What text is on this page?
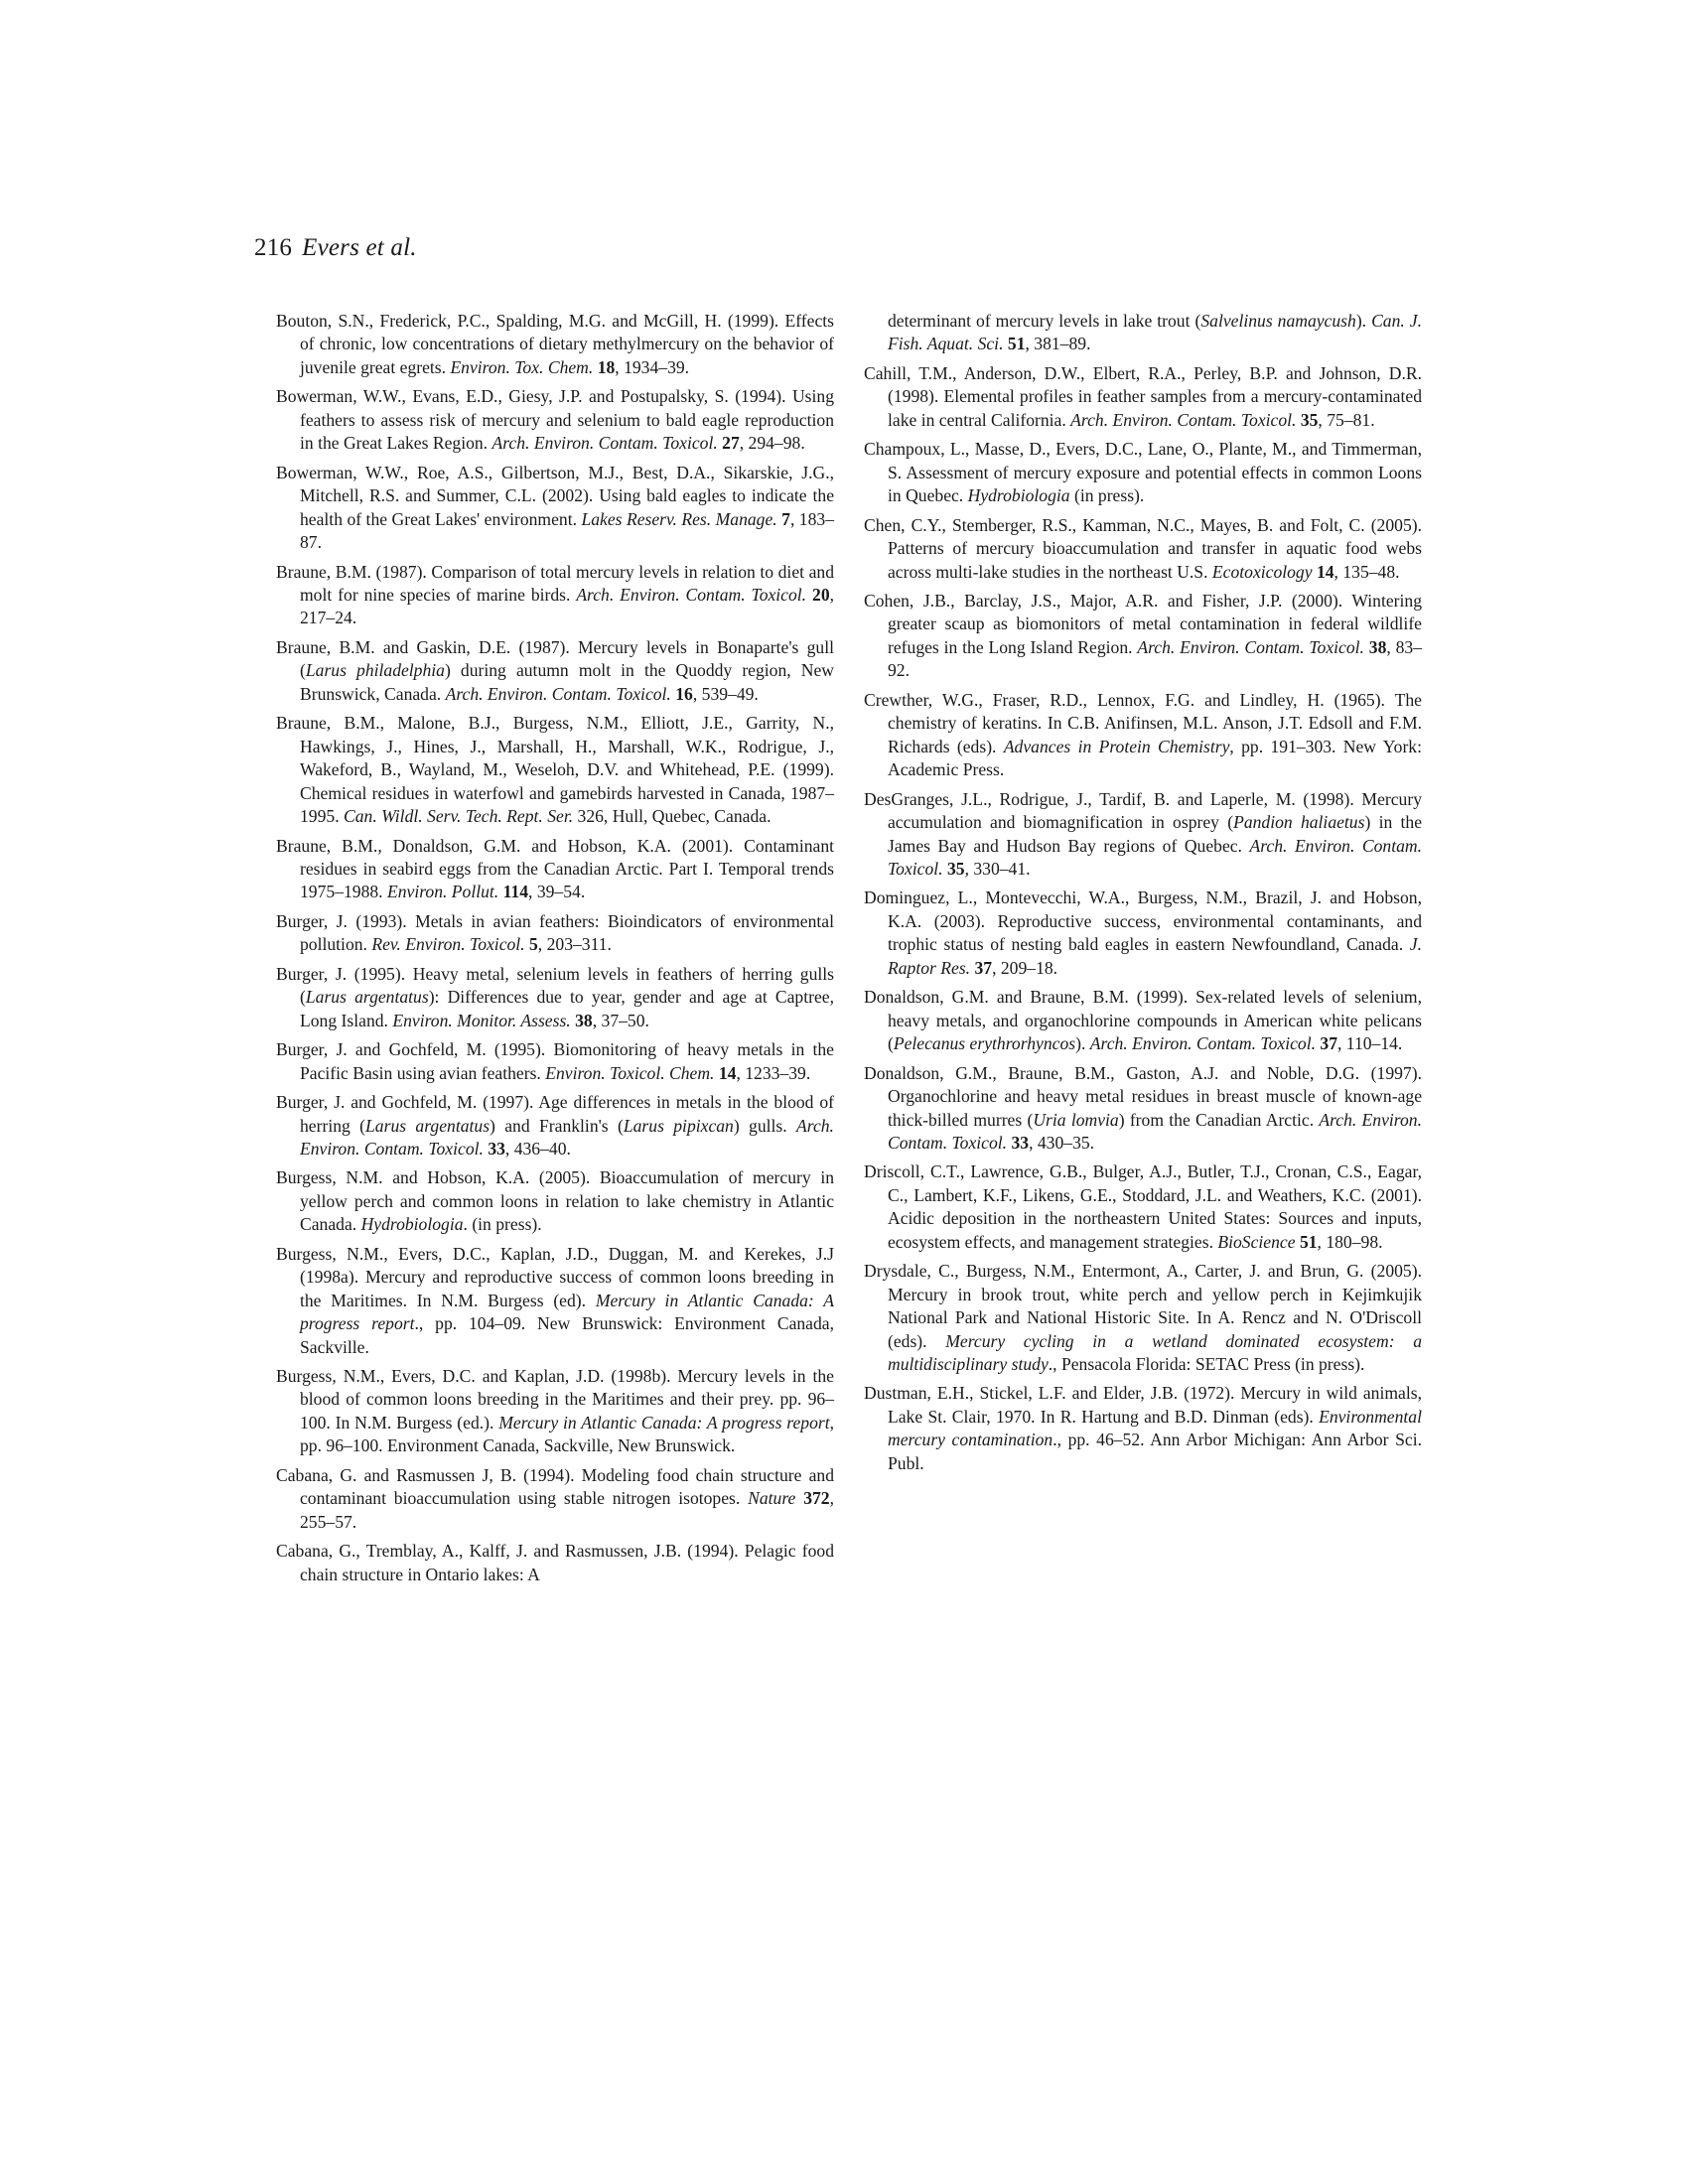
216 Evers et al.

Bouton, S.N., Frederick, P.C., Spalding, M.G. and McGill, H. (1999). Effects of chronic, low concentrations of dietary methylmercury on the behavior of juvenile great egrets. Environ. Tox. Chem. 18, 1934–39.

Bowerman, W.W., Evans, E.D., Giesy, J.P. and Postupalsky, S. (1994). Using feathers to assess risk of mercury and selenium to bald eagle reproduction in the Great Lakes Region. Arch. Environ. Contam. Toxicol. 27, 294–98.

Bowerman, W.W., Roe, A.S., Gilbertson, M.J., Best, D.A., Sikarskie, J.G., Mitchell, R.S. and Summer, C.L. (2002). Using bald eagles to indicate the health of the Great Lakes' environment. Lakes Reserv. Res. Manage. 7, 183–87.

Braune, B.M. (1987). Comparison of total mercury levels in relation to diet and molt for nine species of marine birds. Arch. Environ. Contam. Toxicol. 20, 217–24.

Braune, B.M. and Gaskin, D.E. (1987). Mercury levels in Bonaparte's gull (Larus philadelphia) during autumn molt in the Quoddy region, New Brunswick, Canada. Arch. Environ. Contam. Toxicol. 16, 539–49.

Braune, B.M., Malone, B.J., Burgess, N.M., Elliott, J.E., Garrity, N., Hawkings, J., Hines, J., Marshall, H., Marshall, W.K., Rodrigue, J., Wakeford, B., Wayland, M., Weseloh, D.V. and Whitehead, P.E. (1999). Chemical residues in waterfowl and gamebirds harvested in Canada, 1987–1995. Can. Wildl. Serv. Tech. Rept. Ser. 326, Hull, Quebec, Canada.

Braune, B.M., Donaldson, G.M. and Hobson, K.A. (2001). Contaminant residues in seabird eggs from the Canadian Arctic. Part I. Temporal trends 1975–1988. Environ. Pollut. 114, 39–54.

Burger, J. (1993). Metals in avian feathers: Bioindicators of environmental pollution. Rev. Environ. Toxicol. 5, 203–311.

Burger, J. (1995). Heavy metal, selenium levels in feathers of herring gulls (Larus argentatus): Differences due to year, gender and age at Captree, Long Island. Environ. Monitor. Assess. 38, 37–50.

Burger, J. and Gochfeld, M. (1995). Biomonitoring of heavy metals in the Pacific Basin using avian feathers. Environ. Toxicol. Chem. 14, 1233–39.

Burger, J. and Gochfeld, M. (1997). Age differences in metals in the blood of herring (Larus argentatus) and Franklin's (Larus pipixcan) gulls. Arch. Environ. Contam. Toxicol. 33, 436–40.

Burgess, N.M. and Hobson, K.A. (2005). Bioaccumulation of mercury in yellow perch and common loons in relation to lake chemistry in Atlantic Canada. Hydrobiologia. (in press).

Burgess, N.M., Evers, D.C., Kaplan, J.D., Duggan, M. and Kerekes, J.J (1998a). Mercury and reproductive success of common loons breeding in the Maritimes. In N.M. Burgess (ed). Mercury in Atlantic Canada: A progress report., pp. 104–09. New Brunswick: Environment Canada, Sackville.

Burgess, N.M., Evers, D.C. and Kaplan, J.D. (1998b). Mercury levels in the blood of common loons breeding in the Maritimes and their prey. pp. 96–100. In N.M. Burgess (ed.). Mercury in Atlantic Canada: A progress report, pp. 96–100. Environment Canada, Sackville, New Brunswick.

Cabana, G. and Rasmussen J, B. (1994). Modeling food chain structure and contaminant bioaccumulation using stable nitrogen isotopes. Nature 372, 255–57.

Cabana, G., Tremblay, A., Kalff, J. and Rasmussen, J.B. (1994). Pelagic food chain structure in Ontario lakes: A

determinant of mercury levels in lake trout (Salvelinus namaycush). Can. J. Fish. Aquat. Sci. 51, 381–89.

Cahill, T.M., Anderson, D.W., Elbert, R.A., Perley, B.P. and Johnson, D.R. (1998). Elemental profiles in feather samples from a mercury-contaminated lake in central California. Arch. Environ. Contam. Toxicol. 35, 75–81.

Champoux, L., Masse, D., Evers, D.C., Lane, O., Plante, M., and Timmerman, S. Assessment of mercury exposure and potential effects in common Loons in Quebec. Hydrobiologia (in press).

Chen, C.Y., Stemberger, R.S., Kamman, N.C., Mayes, B. and Folt, C. (2005). Patterns of mercury bioaccumulation and transfer in aquatic food webs across multi-lake studies in the northeast U.S. Ecotoxicology 14, 135–48.

Cohen, J.B., Barclay, J.S., Major, A.R. and Fisher, J.P. (2000). Wintering greater scaup as biomonitors of metal contamination in federal wildlife refuges in the Long Island Region. Arch. Environ. Contam. Toxicol. 38, 83–92.

Crewther, W.G., Fraser, R.D., Lennox, F.G. and Lindley, H. (1965). The chemistry of keratins. In C.B. Anifinsen, M.L. Anson, J.T. Edsoll and F.M. Richards (eds). Advances in Protein Chemistry, pp. 191–303. New York: Academic Press.

DesGranges, J.L., Rodrigue, J., Tardif, B. and Laperle, M. (1998). Mercury accumulation and biomagnification in osprey (Pandion haliaetus) in the James Bay and Hudson Bay regions of Quebec. Arch. Environ. Contam. Toxicol. 35, 330–41.

Dominguez, L., Montevecchi, W.A., Burgess, N.M., Brazil, J. and Hobson, K.A. (2003). Reproductive success, environmental contaminants, and trophic status of nesting bald eagles in eastern Newfoundland, Canada. J. Raptor Res. 37, 209–18.

Donaldson, G.M. and Braune, B.M. (1999). Sex-related levels of selenium, heavy metals, and organochlorine compounds in American white pelicans (Pelecanus erythrorhyncos). Arch. Environ. Contam. Toxicol. 37, 110–14.

Donaldson, G.M., Braune, B.M., Gaston, A.J. and Noble, D.G. (1997). Organochlorine and heavy metal residues in breast muscle of known-age thick-billed murres (Uria lomvia) from the Canadian Arctic. Arch. Environ. Contam. Toxicol. 33, 430–35.

Driscoll, C.T., Lawrence, G.B., Bulger, A.J., Butler, T.J., Cronan, C.S., Eagar, C., Lambert, K.F., Likens, G.E., Stoddard, J.L. and Weathers, K.C. (2001). Acidic deposition in the northeastern United States: Sources and inputs, ecosystem effects, and management strategies. BioScience 51, 180–98.

Drysdale, C., Burgess, N.M., Entermont, A., Carter, J. and Brun, G. (2005). Mercury in brook trout, white perch and yellow perch in Kejimkujik National Park and National Historic Site. In A. Rencz and N. O'Driscoll (eds). Mercury cycling in a wetland dominated ecosystem: a multidisciplinary study., Pensacola Florida: SETAC Press (in press).

Dustman, E.H., Stickel, L.F. and Elder, J.B. (1972). Mercury in wild animals, Lake St. Clair, 1970. In R. Hartung and B.D. Dinman (eds). Environmental mercury contamination., pp. 46–52. Ann Arbor Michigan: Ann Arbor Sci. Publ.
